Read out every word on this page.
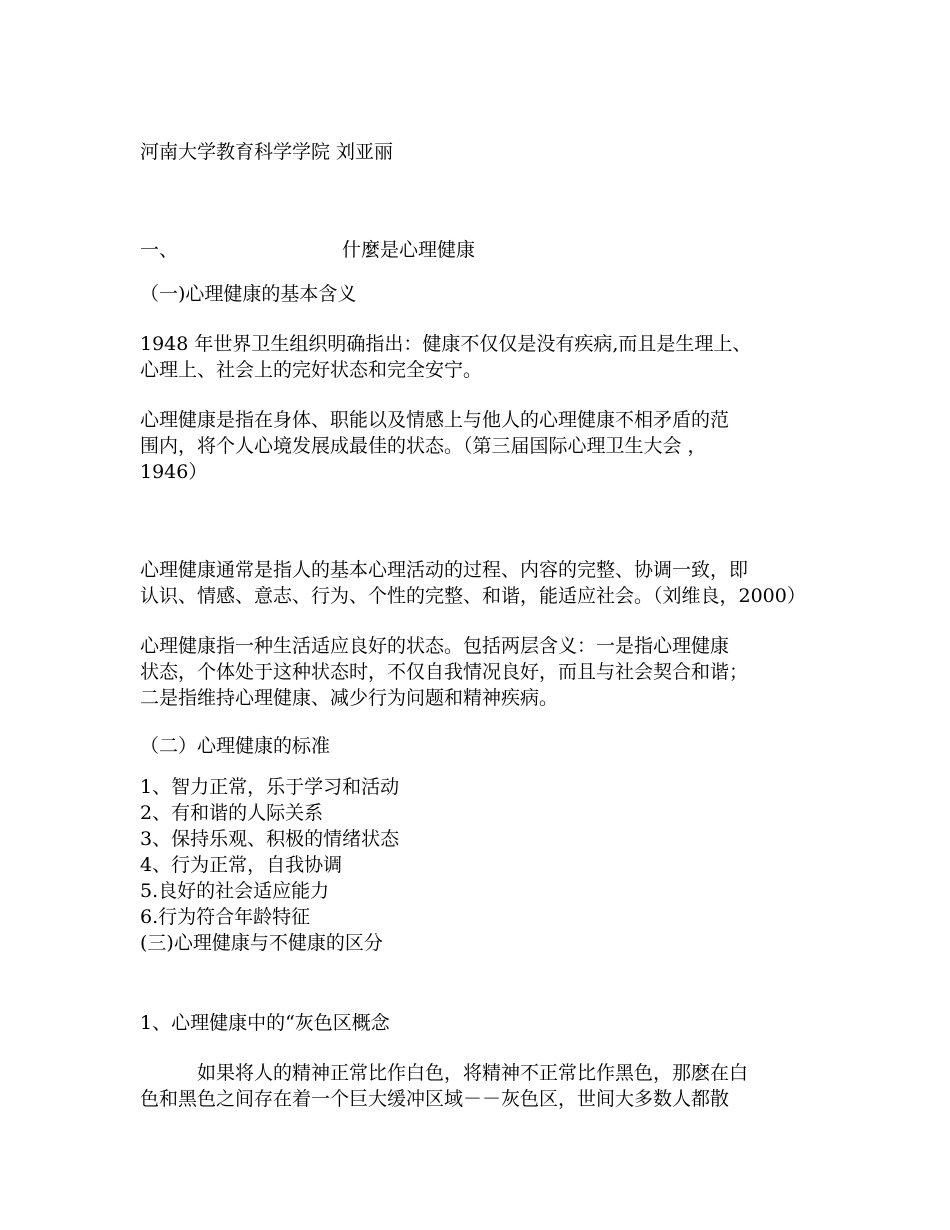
河南大学教育科学学院 刘亚丽
一、	什麼是心理健康
（一)心理健康的基本含义
1948 年世界卫生组织明确指出：健康不仅仅是没有疾病,而且是生理上、
心理上、社会上的完好状态和完全安宁。
心理健康是指在身体、职能以及情感上与他人的心理健康不相矛盾的范
围内，将个人心境发展成最佳的状态。（第三届国际心理卫生大会 ，
1946）
心理健康通常是指人的基本心理活动的过程、内容的完整、协调一致，即
认识、情感、意志、行为、个性的完整、和谐，能适应社会。（刘维良，2000）
心理健康指一种生活适应良好的状态。包括两层含义：一是指心理健康
状态，个体处于这种状态时，不仅自我情况良好，而且与社会契合和谐；
二是指维持心理健康、减少行为问题和精神疾病。
（二）心理健康的标准
1、智力正常，乐于学习和活动
2、有和谐的人际关系
3、保持乐观、积极的情绪状态
4、行为正常，自我协调
5.良好的社会适应能力
6.行为符合年龄特征
(三)心理健康与不健康的区分
1、心理健康中的“灰色区概念
如果将人的精神正常比作白色，将精神不正常比作黑色，那麽在白
色和黑色之间存在着一个巨大缓冲区域－－灰色区，世间大多数人都散
